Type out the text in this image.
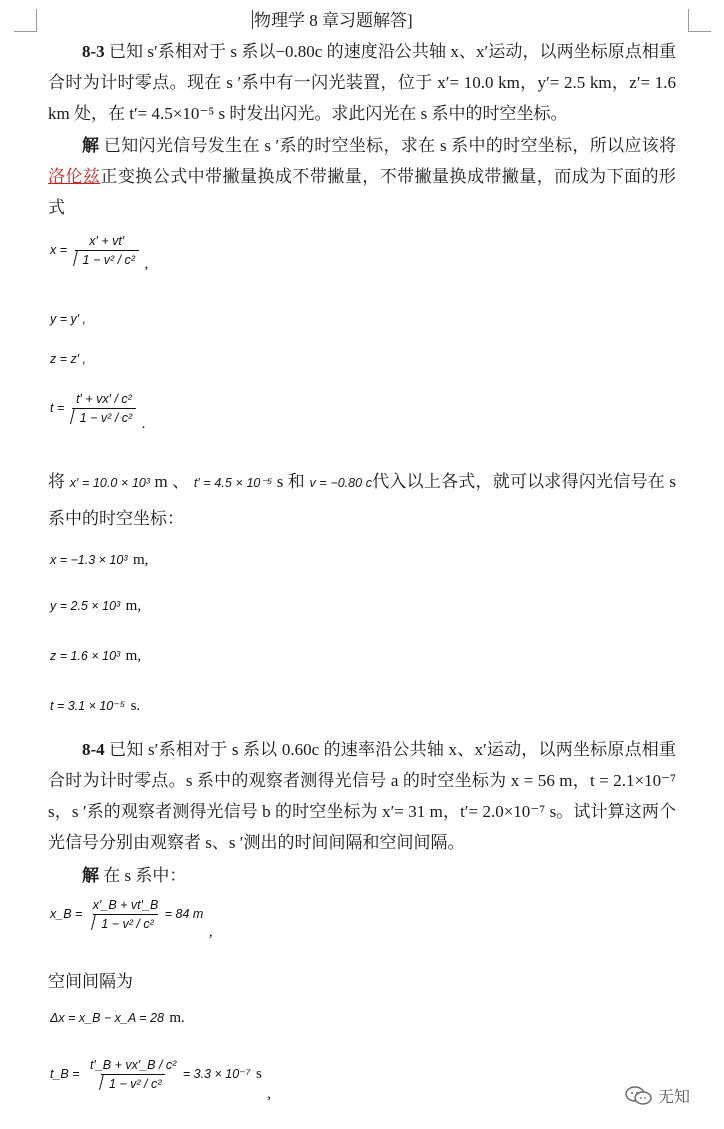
物理学 8 章习题解答]
8-3 已知 s′系相对于 s 系以−0.80c 的速度沿公共轴 x、x′运动，以两坐标原点相重合时为计时零点。现在 s ′系中有一闪光装置，位于 x′= 10.0 km，y′= 2.5 km，z′= 1.6 km 处，在 t′= 4.5×10⁻⁵ s 时发出闪光。求此闪光在 s 系中的时空坐标。
解 已知闪光信号发生在 s ′系的时空坐标，求在 s 系中的时空坐标，所以应该将洛伦兹正变换公式中带撇量换成不带撇量，不带撇量换成带撇量，而成为下面的形式
$x = \frac{x' + vt'}{\text{1 − v² / c²}}$ ,
y = y′ ,
z = z′ ,
$t = \frac{\text{t′ + vx′ / c²}}{\text{1 − v² / c²}}$ .
将 x′ = 10.0 × 10³ m 、 t′ = 4.5 × 10⁻⁵ s 和 v = −0.80 c代入以上各式，就可以求得闪光信号在 s 系中的时空坐标：
x = −1.3 × 10³ m,
y = 2.5 × 10³ m,
z = 1.6 × 10³ m,
t = 3.1 × 10⁻⁵ s.
8-4 已知 s′系相对于 s 系以 0.60c 的速率沿公共轴 x、x′运动，以两坐标原点相重合时为计时零点。s 系中的观察者测得光信号 a 的时空坐标为 x = 56 m，t = 2.1×10⁻⁷ s，s ′系的观察者测得光信号 b 的时空坐标为 x′= 31 m，t′= 2.0×10⁻⁷ s。试计算这两个光信号分别由观察者 s、s ′测出的时间间隔和空间间隔。
解 在 s 系中：
x_B = $\frac{x'\_B + vt'\_B}{\text{1 − v² / c²}} = 84$ m ,
空间间隔为
Δx = x_B − x_A = 28 m.
t_B = $\frac{\text{t′\_B + vx′\_B / c²}}{\text{1 − v² / c²}} = 3.3 \times 10^{-7}$ s ,	无知
